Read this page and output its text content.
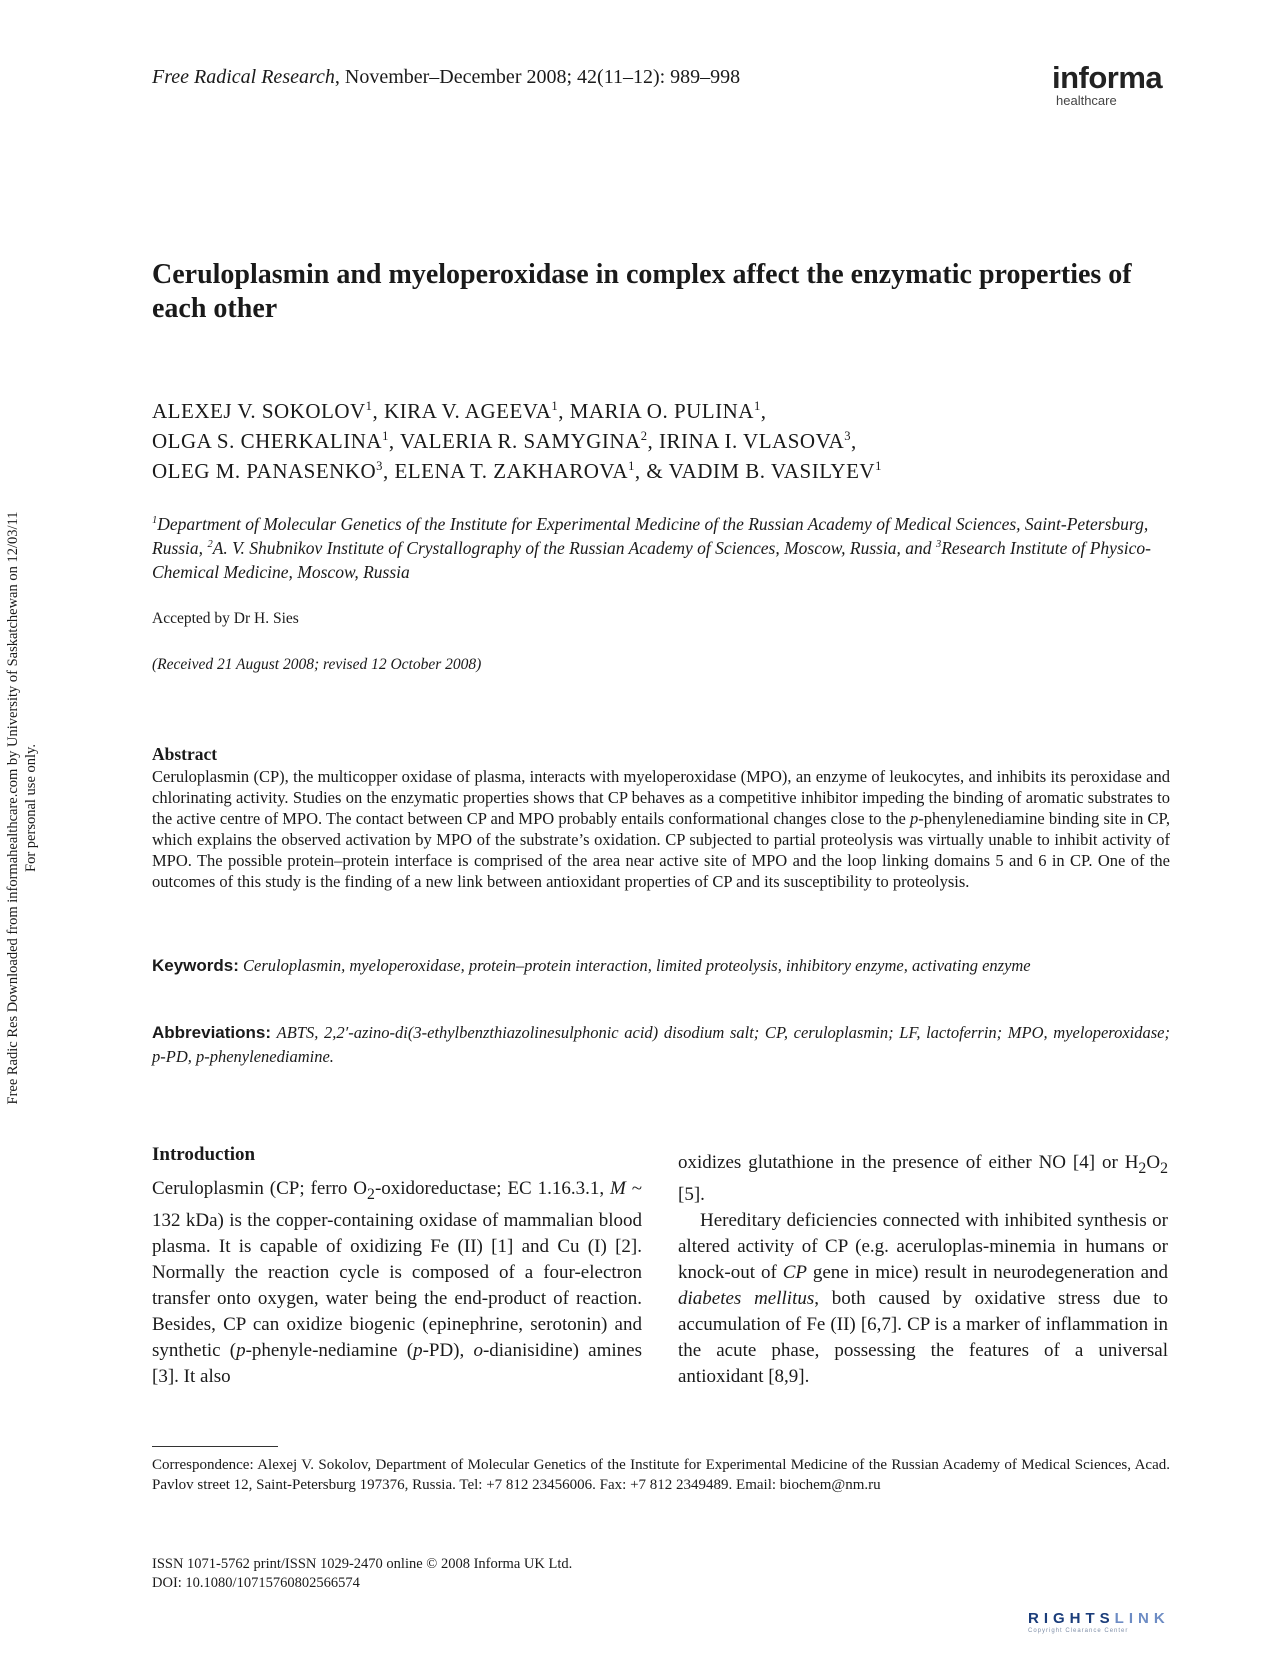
Free Radical Research, November–December 2008; 42(11–12): 989–998	informa
healthcare
Ceruloplasmin and myeloperoxidase in complex affect the enzymatic properties of each other
ALEXEJ V. SOKOLOV$^1$, KIRA V. AGEEVA$^1$, MARIA O. PULINA$^1$,
OLGA S. CHERKALINA$^1$, VALERIA R. SAMYGINA$^2$, IRINA I. VLASOVA$^3$,
OLEG M. PANASENKO$^3$, ELENA T. ZAKHAROVA$^1$, & VADIM B. VASILYEV$^1$
$^1$Department of Molecular Genetics of the Institute for Experimental Medicine of the Russian Academy of Medical Sciences, Saint-Petersburg, Russia, $^2$A. V. Shubnikov Institute of Crystallography of the Russian Academy of Sciences, Moscow, Russia, and $^3$Research Institute of Physico-Chemical Medicine, Moscow, Russia
Accepted by Dr H. Sies
(Received 21 August 2008; revised 12 October 2008)
Abstract
Ceruloplasmin (CP), the multicopper oxidase of plasma, interacts with myeloperoxidase (MPO), an enzyme of leukocytes, and inhibits its peroxidase and chlorinating activity. Studies on the enzymatic properties shows that CP behaves as a competitive inhibitor impeding the binding of aromatic substrates to the active centre of MPO. The contact between CP and MPO probably entails conformational changes close to the p-phenylenediamine binding site in CP, which explains the observed activation by MPO of the substrate’s oxidation. CP subjected to partial proteolysis was virtually unable to inhibit activity of MPO. The possible protein–protein interface is comprised of the area near active site of MPO and the loop linking domains 5 and 6 in CP. One of the outcomes of this study is the finding of a new link between antioxidant properties of CP and its susceptibility to proteolysis.
Keywords: Ceruloplasmin, myeloperoxidase, protein–protein interaction, limited proteolysis, inhibitory enzyme, activating enzyme
Abbreviations: ABTS, 2,2′-azino-di(3-ethylbenzthiazolinesulphonic acid) disodium salt; CP, ceruloplasmin; LF, lactoferrin; MPO, myeloperoxidase; p-PD, p-phenylenediamine.
Introduction

Ceruloplasmin (CP; ferro $O_2$-oxidoreductase; EC 1.16.3.1, M ~ 132 kDa) is the copper-containing oxidase of mammalian blood plasma. It is capable of oxidizing Fe (II) [1] and Cu (I) [2]. Normally the reaction cycle is composed of a four-electron transfer onto oxygen, water being the end-product of reaction. Besides, CP can oxidize biogenic (epinephrine, serotonin) and synthetic (p-phenyle-nediamine (p-PD), o-dianisidine) amines [3]. It also

oxidizes glutathione in the presence of either NO [4] or $H_2O_2$ [5].

Hereditary deficiencies connected with inhibited synthesis or altered activity of CP (e.g. aceruloplas-minemia in humans or knock-out of CP gene in mice) result in neurodegeneration and diabetes mellitus, both caused by oxidative stress due to accumulation of Fe (II) [6,7]. CP is a marker of inflammation in the acute phase, possessing the features of a universal antioxidant [8,9].

Correspondence: Alexej V. Sokolov, Department of Molecular Genetics of the Institute for Experimental Medicine of the Russian Academy of Medical Sciences, Acad. Pavlov street 12, Saint-Petersburg 197376, Russia. Tel: +7 812 23456006. Fax: +7 812 2349489. Email: biochem@nm.ru
ISSN 1071-5762 print/ISSN 1029-2470 online © 2008 Informa UK Ltd.
DOI: 10.1080/10715760802566574
Free Radic Res Downloaded from informahealthcare.com by University of Saskatchewan on 12/03/11 For personal use only.
RIGHTSLINK
Copyright Clearance Center
